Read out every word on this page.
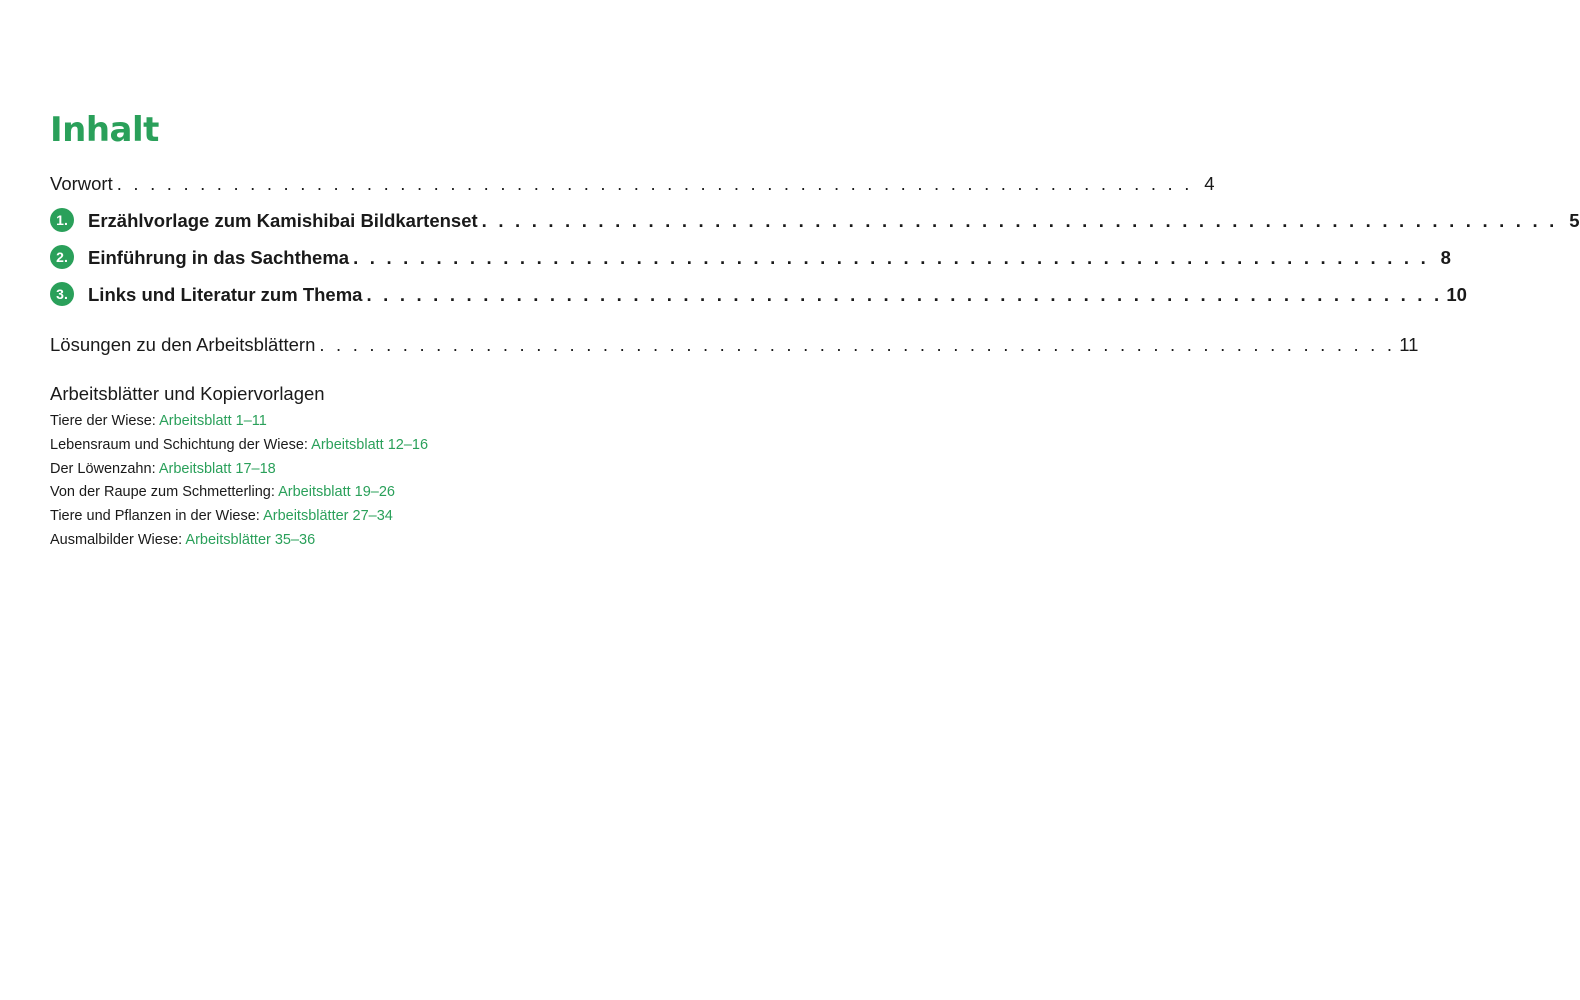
Inhalt
Vorwort . . . . . . . . . . . . . . . . . . . . . . . . . . . . . . . . . . . . . . . . . . . . . . . . . . . . . . . . . . . . . . . . . 4
1.	Erzählvorlage zum Kamishibai Bildkartenset . . . . . . . . . . . . . . . . . . . . . . . . . . . . . . . . . . . . . . . . . . . . . . . . . . . . . . . . . . . . . . . . . 5
2.	Einführung in das Sachthema . . . . . . . . . . . . . . . . . . . . . . . . . . . . . . . . . . . . . . . . . . . . . . . . . . . . . . . . . . . . . . . . . 8
3.	Links und Literatur zum Thema . . . . . . . . . . . . . . . . . . . . . . . . . . . . . . . . . . . . . . . . . . . . . . . . . . . . . . . . . . . . . . . . . 10
Lösungen zu den Arbeitsblättern . . . . . . . . . . . . . . . . . . . . . . . . . . . . . . . . . . . . . . . . . . . . . . . . . . . . . . . . . . . . . . . . . 11
Arbeitsblätter und Kopiervorlagen
Tiere der Wiese: Arbeitsblatt 1–11
Lebensraum und Schichtung der Wiese: Arbeitsblatt 12–16
Der Löwenzahn: Arbeitsblatt 17–18
Von der Raupe zum Schmetterling: Arbeitsblatt 19–26
Tiere und Pflanzen in der Wiese: Arbeitsblätter 27–34
Ausmalbilder Wiese: Arbeitsblätter 35–36
